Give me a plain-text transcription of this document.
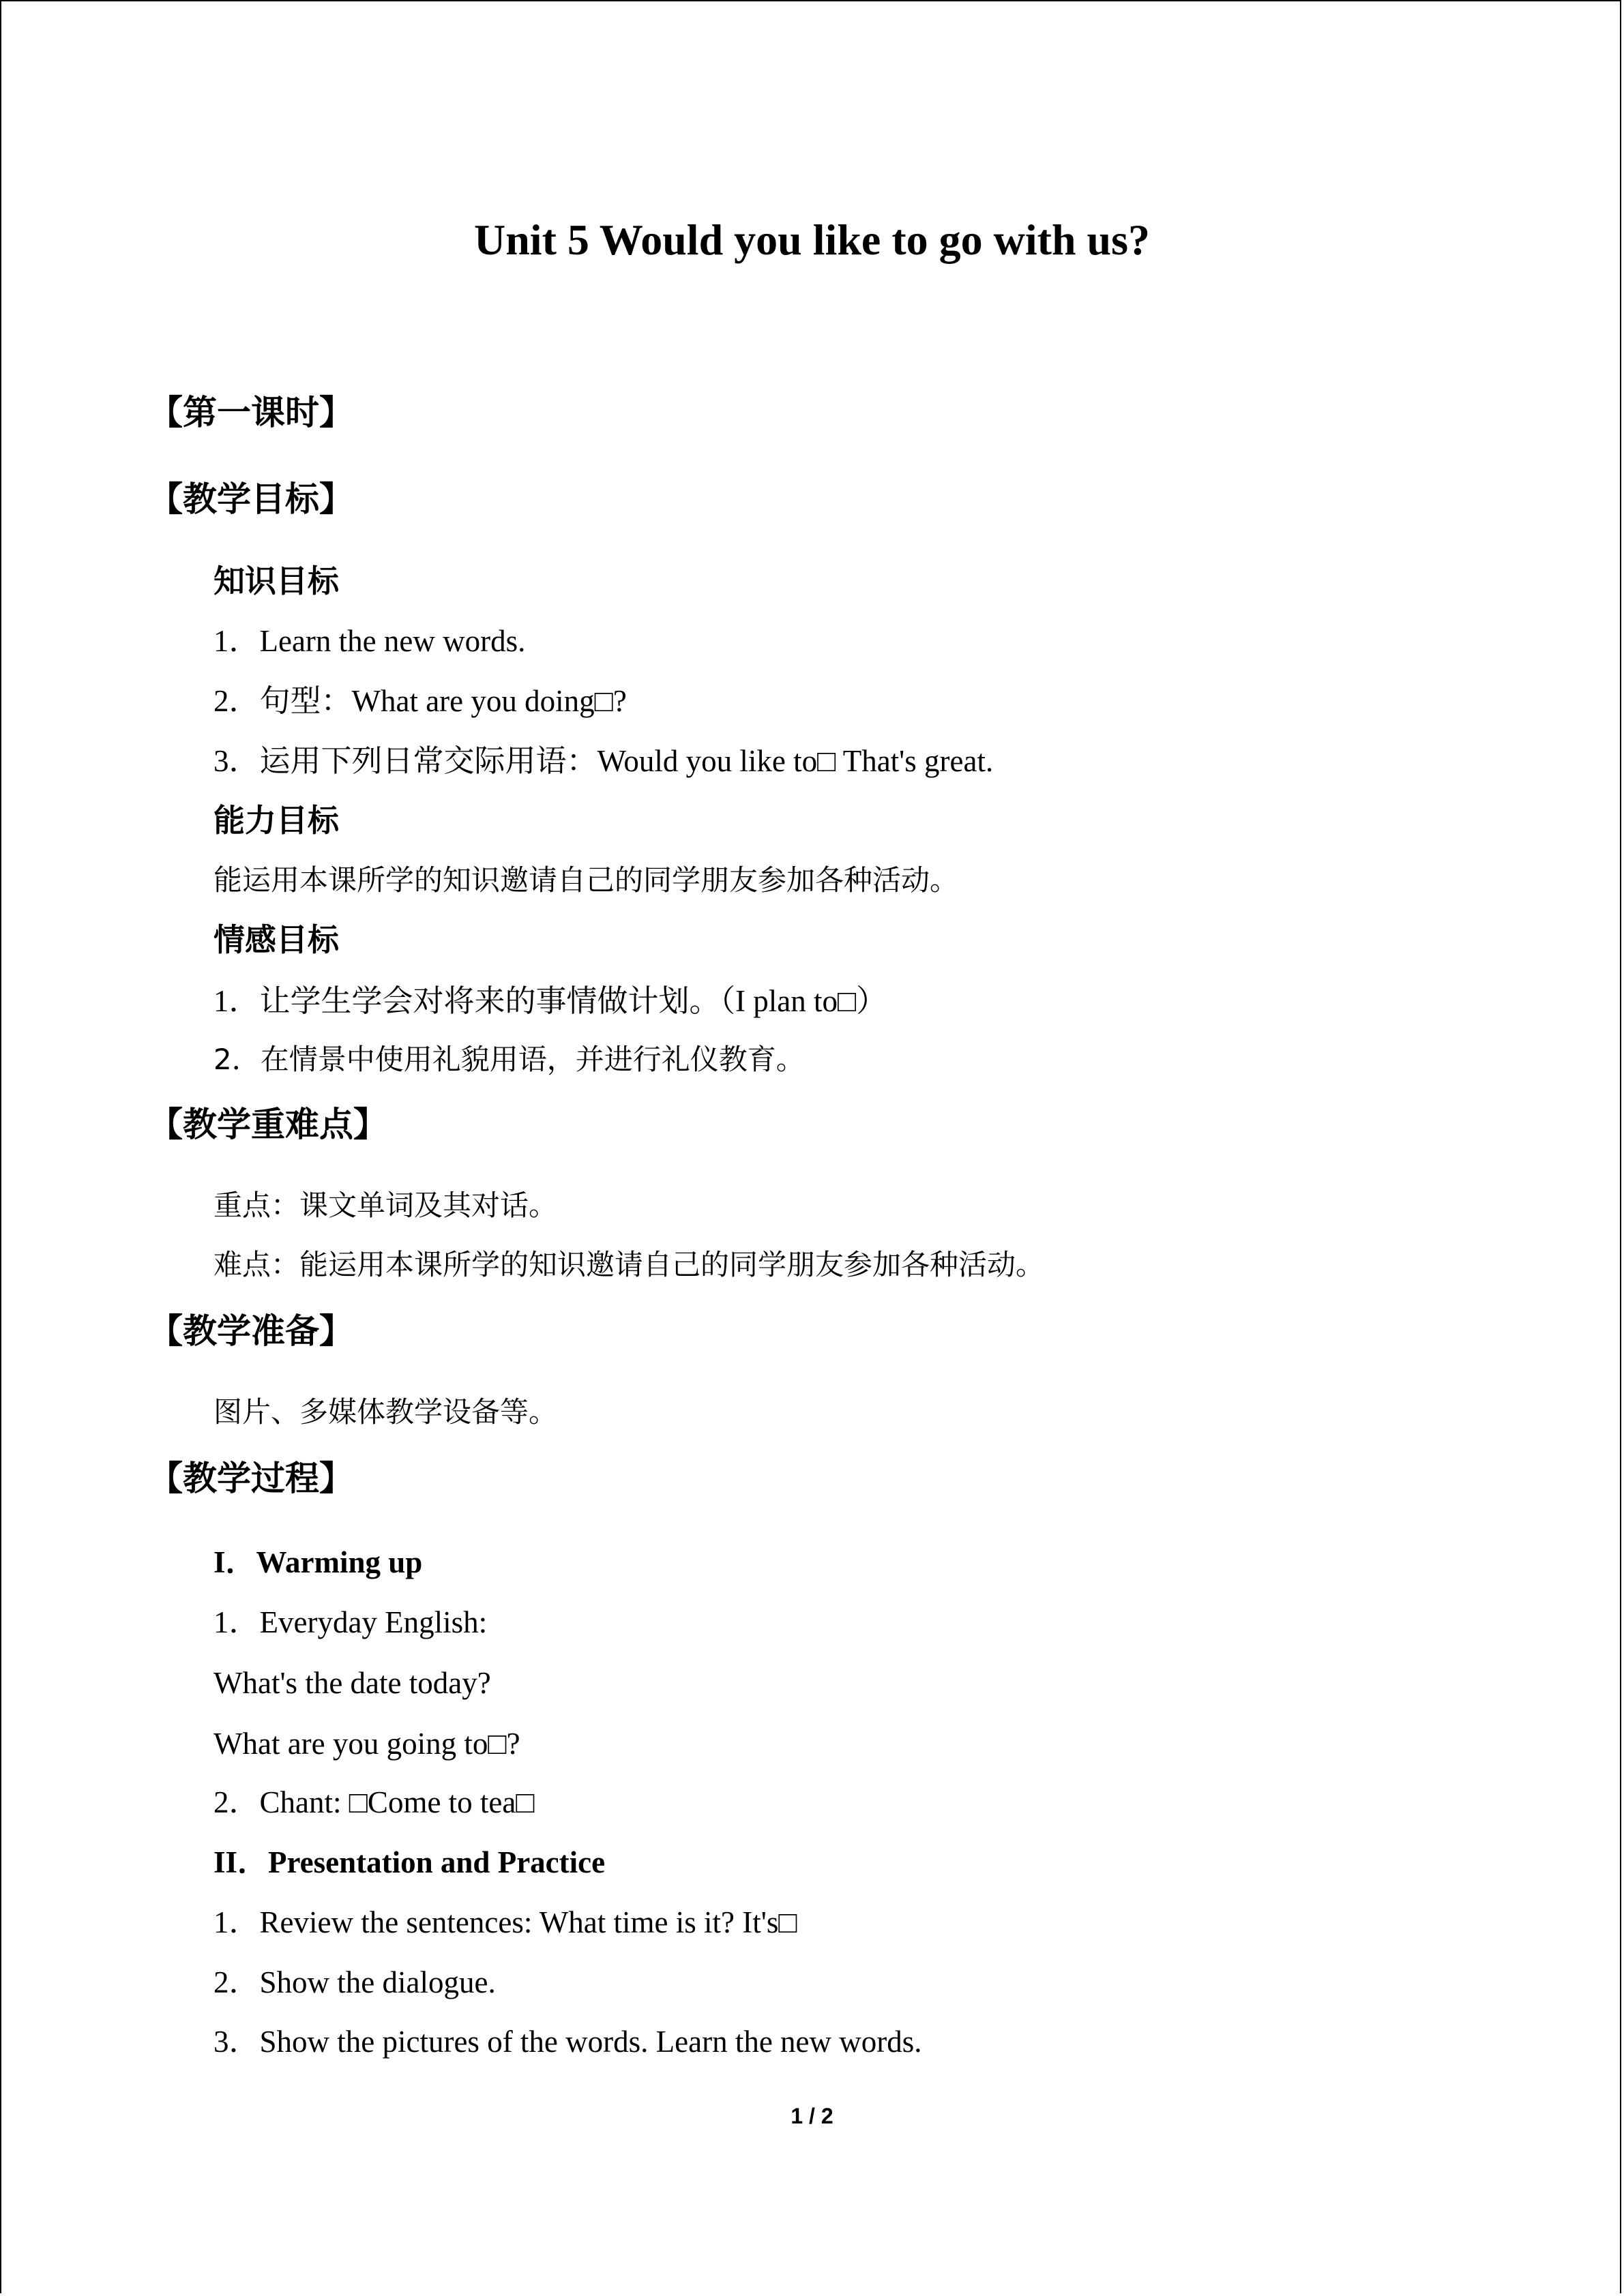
Unit 5 Would you like to go with us?
【第一课时】
【教学目标】
知识目标
1．Learn the new words.
2．句型：What are you doing□?
3．运用下列日常交际用语：Would you like to□ That's great.
能力目标
能运用本课所学的知识邀请自己的同学朋友参加各种活动。
情感目标
1．让学生学会对将来的事情做计划。（I plan to□）
2．在情景中使用礼貌用语，并进行礼仪教育。
【教学重难点】
重点：课文单词及其对话。
难点：能运用本课所学的知识邀请自己的同学朋友参加各种活动。
【教学准备】
图片、多媒体教学设备等。
【教学过程】
I．Warming up
1．Everyday English:
What's the date today?
What are you going to□?
2．Chant: □Come to tea□
II．Presentation and Practice
1．Review the sentences: What time is it? It's□
2．Show the dialogue.
3．Show the pictures of the words. Learn the new words.
1 / 2
